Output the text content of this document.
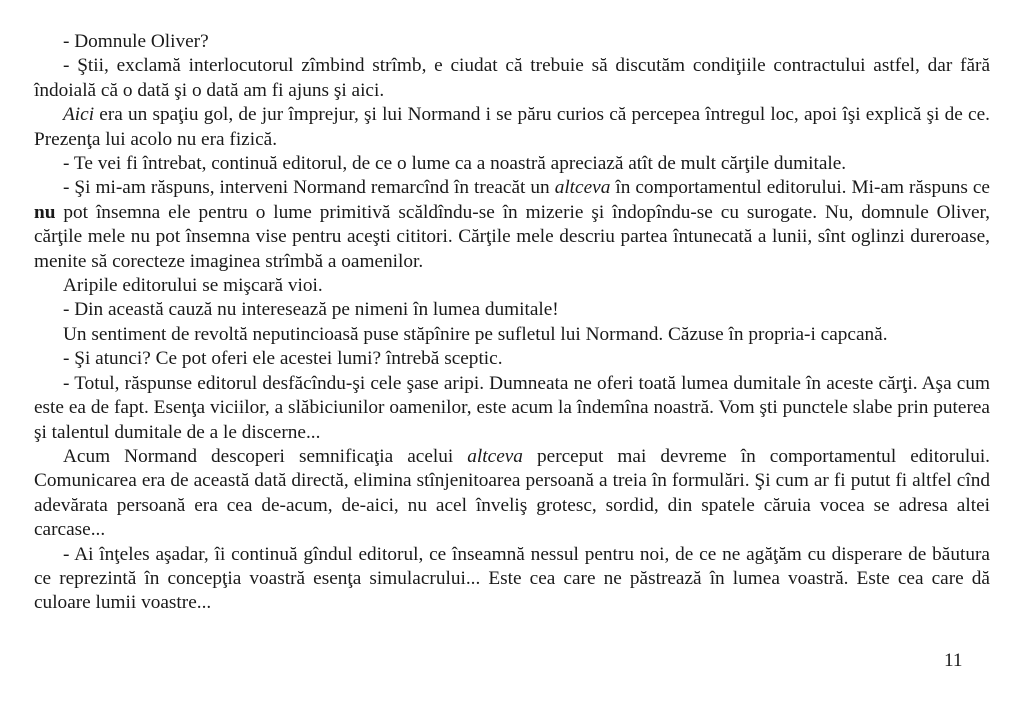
- Domnule Oliver?

- Ştii, exclamă interlocutorul zîmbind strîmb, e ciudat că trebuie să discutăm condiţiile contractului astfel, dar fără îndoială că o dată şi o dată am fi ajuns şi aici.

Aici era un spaţiu gol, de jur împrejur, şi lui Normand i se păru curios că percepea întregul loc, apoi îşi explică şi de ce. Prezenţa lui acolo nu era fizică.

- Te vei fi întrebat, continuă editorul, de ce o lume ca a noastră apreciază atît de mult cărţile dumitale.

- Şi mi-am răspuns, interveni Normand remarcînd în treacăt un altceva în comportamentul editorului. Mi-am răspuns ce nu pot însemna ele pentru o lume primitivă scăldîndu-se în mizerie şi îndopîndu-se cu surogate. Nu, domnule Oliver, cărţile mele nu pot însemna vise pentru aceşti cititori. Cărţile mele descriu partea întunecată a lunii, sînt oglinzi dureroase, menite să corecteze imaginea strîmbă a oamenilor.

Aripile editorului se mişcară vioi.

- Din această cauză nu interesează pe nimeni în lumea dumitale!

Un sentiment de revoltă neputincioasă puse stăpînire pe sufletul lui Normand. Căzuse în propria-i capcană.

- Şi atunci? Ce pot oferi ele acestei lumi? întrebă sceptic.

- Totul, răspunse editorul desfăcîndu-şi cele şase aripi. Dumneata ne oferi toată lumea dumitale în aceste cărţi. Aşa cum este ea de fapt. Esenţa viciilor, a slăbiciunilor oamenilor, este acum la îndemîna noastră. Vom şti punctele slabe prin puterea şi talentul dumitale de a le discerne...

Acum Normand descoperi semnificaţia acelui altceva perceput mai devreme în comportamentul editorului. Comunicarea era de această dată directă, elimina stînjenitoarea persoană a treia în formulări. Şi cum ar fi putut fi altfel cînd adevărata persoană era cea de-acum, de-aici, nu acel înveliş grotesc, sordid, din spatele căruia vocea se adresa altei carcase...

- Ai înţeles aşadar, îi continuă gîndul editorul, ce înseamnă nessul pentru noi, de ce ne agăţăm cu disperare de băutura ce reprezintă în concepţia voastră esenţa simulacrului... Este cea care ne păstrează în lumea voastră. Este cea care dă culoare lumii voastre...

11
